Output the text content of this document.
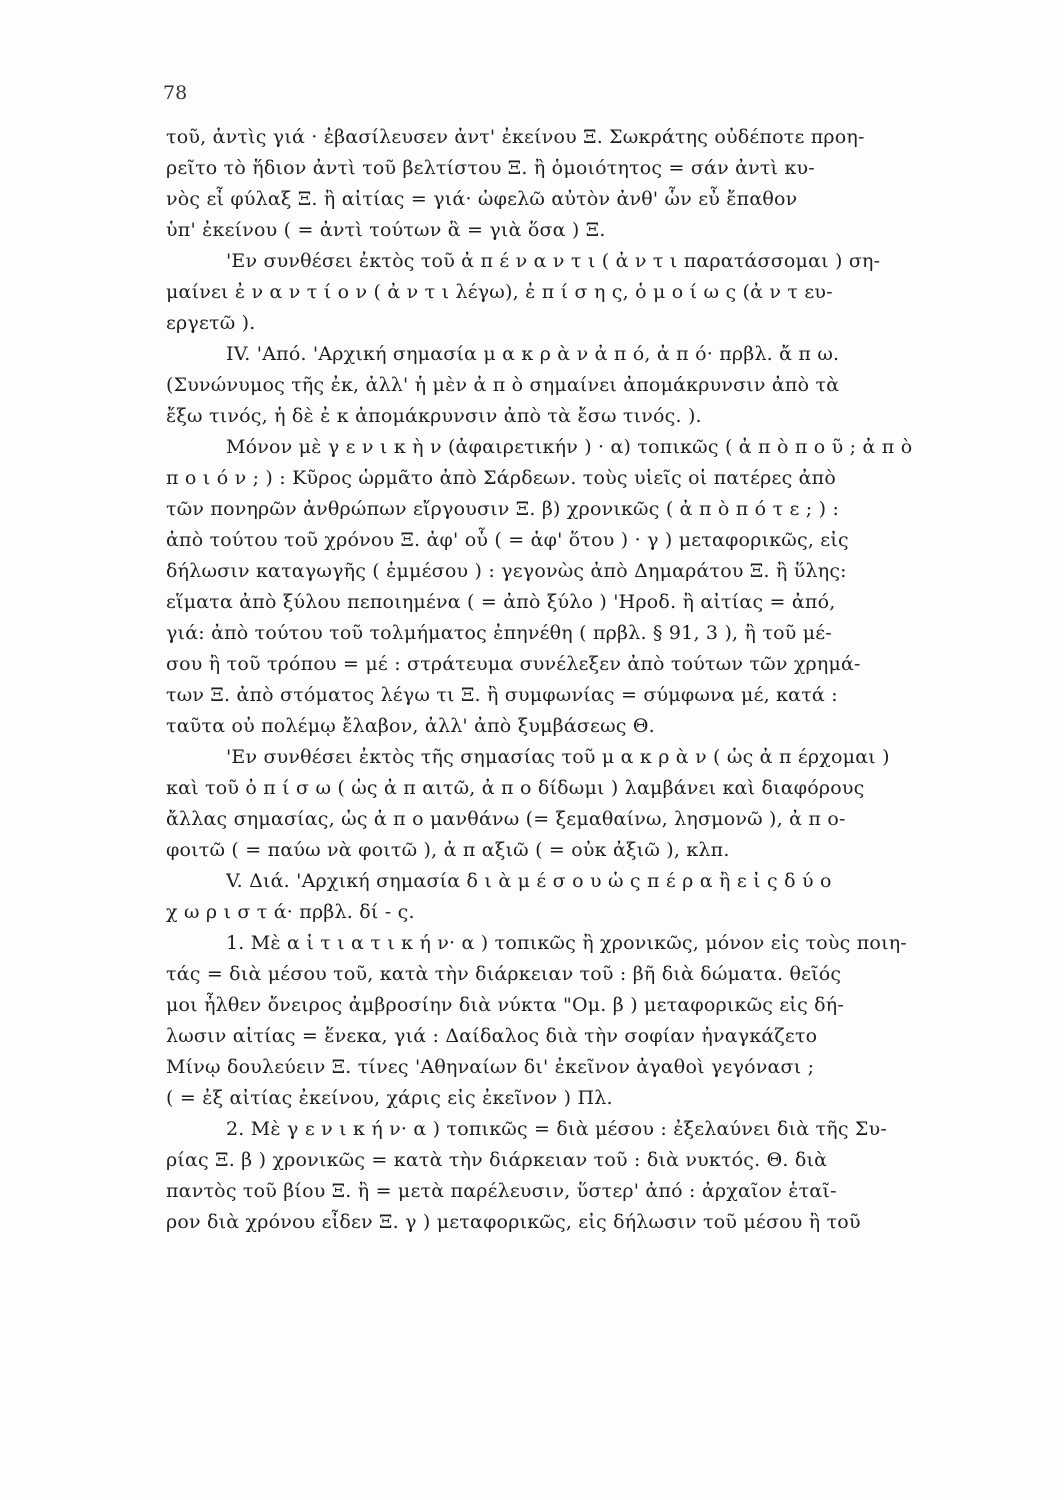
78
τοῦ, ἀντὶς γιά · ἐβασίλευσεν ἀντ' ἐκείνου Ξ. Σωκράτης οὐδέποτε προη-
ρεῖτο τὸ ἥδιον ἀντὶ τοῦ βελτίστου Ξ. ἢ ὁμοιότητος = σάν ἀντὶ κυ-
νὸς εἶ φύλαξ Ξ. ἢ αἰτίας = γιά· ὠφελῶ αὐτὸν ἀνθ' ὧν εὖ ἔπαθον
ὑπ' ἐκείνου ( = ἀντὶ τούτων ἃ = γιὰ ὅσα ) Ξ.
'Εν συνθέσει ἐκτὸς τοῦ ἀ π έ ν α ν τ ι ( ἀ ν τ ι παρατάσσομαι ) ση-
μαίνει ἐ ν α ν τ ί ο ν ( ἀ ν τ ι λέγω), ἐ π ί σ η ς, ὁ μ ο ί ω ς (ἀ ν τ ευ-
εργετῶ ).
IV. 'Από. 'Αρχική σημασία μ α κ ρ ὰ ν ἀ π ό, ἀ π ό· πρβλ. ἄ π ω.
(Συνώνυμος τῆς ἐκ, ἀλλ' ἡ μὲν ἀ π ὸ σημαίνει ἀπομάκρυνσιν ἀπὸ τὰ
ἔξω τινός, ἡ δὲ ἐ κ ἀπομάκρυνσιν ἀπὸ τὰ ἔσω τινός. ).
Μόνον μὲ γ ε ν ι κ ὴ ν (ἀφαιρετικήν ) · α) τοπικῶς ( ἀ π ὸ π ο ῦ ; ἀ π ὸ
π ο ι ό ν ; ) : Κῦρος ὡρμᾶτο ἀπὸ Σάρδεων. τοὺς υἱεῖς οἱ πατέρες ἀπὸ
τῶν πονηρῶν ἀνθρώπων εἴργουσιν Ξ. β) χρονικῶς ( ἀ π ὸ π ό τ ε ; ) :
ἀπὸ τούτου τοῦ χρόνου Ξ. ἀφ' οὗ ( = ἀφ' ὅτου ) · γ ) μεταφορικῶς, εἰς
δήλωσιν καταγωγῆς ( ἐμμέσου ) : γεγονὼς ἀπὸ Δημαράτου Ξ. ἢ ὕλης:
εἵματα ἀπὸ ξύλου πεποιημένα ( = ἀπὸ ξύλο ) 'Ηροδ. ἢ αἰτίας = ἀπό,
γιά: ἀπὸ τούτου τοῦ τολμήματος ἐπηνέθη ( πρβλ. § 91, 3 ), ἢ τοῦ μέ-
σου ἢ τοῦ τρόπου = μέ : στράτευμα συνέλεξεν ἀπὸ τούτων τῶν χρημά-
των Ξ. ἀπὸ στόματος λέγω τι Ξ. ἢ συμφωνίας = σύμφωνα μέ, κατά :
ταῦτα οὐ πολέμῳ ἔλαβον, ἀλλ' ἀπὸ ξυμβάσεως Θ.
'Εν συνθέσει ἐκτὸς τῆς σημασίας τοῦ μ α κ ρ ὰ ν ( ὡς ἀ π έρχομαι )
καὶ τοῦ ὀ π ί σ ω ( ὡς ἀ π αιτῶ, ἀ π ο δίδωμι ) λαμβάνει καὶ διαφόρους
ἄλλας σημασίας, ὡς ἀ π ο μανθάνω (= ξεμαθαίνω, λησμονῶ ), ἀ π ο-
φοιτῶ ( = παύω νὰ φοιτῶ ), ἀ π αξιῶ ( = οὐκ ἀξιῶ ), κλπ.
V. Διά. 'Αρχική σημασία δ ι ὰ μ έ σ ο υ ὡ ς π έ ρ α ἢ ε ἰ ς δ ύ ο
χ ω ρ ι σ τ ά· πρβλ. δί - ς.
1. Μὲ α ἰ τ ι α τ ι κ ή ν· α ) τοπικῶς ἢ χρονικῶς, μόνον εἰς τοὺς ποιη-
τάς = διὰ μέσου τοῦ, κατὰ τὴν διάρκειαν τοῦ : βῆ διὰ δώματα. θεῖός
μοι ἦλθεν ὄνειρος ἀμβροσίην διὰ νύκτα "Ομ. β ) μεταφορικῶς εἰς δή-
λωσιν αἰτίας = ἕνεκα, γιά : Δαίδαλος διὰ τὴν σοφίαν ἠναγκάζετο
Μίνῳ δουλεύειν Ξ. τίνες 'Αθηναίων δι' ἐκεῖνον ἀγαθοὶ γεγόνασι ;
( = ἐξ αἰτίας ἐκείνου, χάρις εἰς ἐκεῖνον ) Πλ.
2. Μὲ γ ε ν ι κ ή ν· α ) τοπικῶς = διὰ μέσου : ἐξελαύνει διὰ τῆς Συ-
ρίας Ξ. β ) χρονικῶς = κατὰ τὴν διάρκειαν τοῦ : διὰ νυκτός. Θ. διὰ
παντὸς τοῦ βίου Ξ. ἢ = μετὰ παρέλευσιν, ὕστερ' ἀπό : ἀρχαῖον ἑταῖ-
ρον διὰ χρόνου εἶδεν Ξ. γ ) μεταφορικῶς, εἰς δήλωσιν τοῦ μέσου ἢ τοῦ
